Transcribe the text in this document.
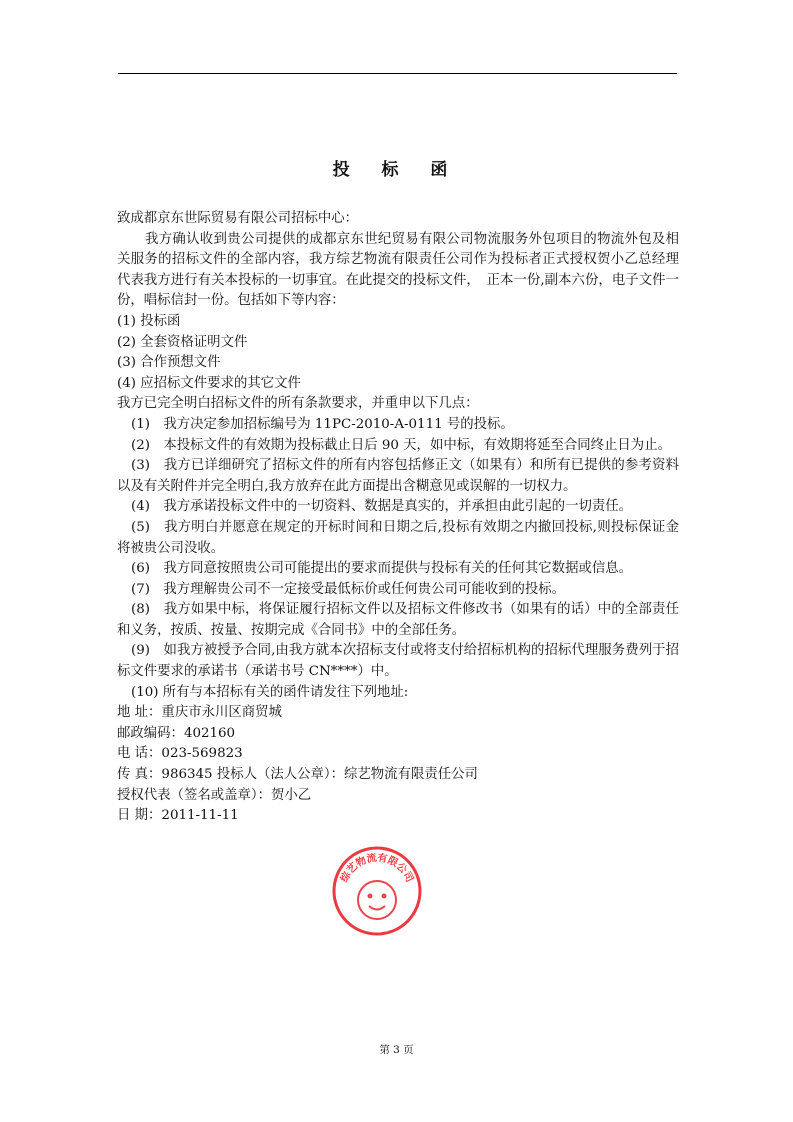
投 标 函

致成都京东世际贸易有限公司招标中心：

我方确认收到贵公司提供的成都京东世纪贸易有限公司物流服务外包项目的物流外包及相关服务的招标文件的全部内容，我方综艺物流有限责任公司作为投标者正式授权贺小乙总经理代表我方进行有关本投标的一切事宜。在此提交的投标文件，　正本一份,副本六份，电子文件一份，唱标信封一份。包括如下等内容：

(1) 投标函

(2) 全套资格证明文件

(3) 合作预想文件

(4) 应招标文件要求的其它文件

我方已完全明白招标文件的所有条款要求，并重申以下几点：

(1)　我方决定参加招标编号为 11PC-2010-A-0111 号的投标。

(2)　本投标文件的有效期为投标截止日后 90 天，如中标，有效期将延至合同终止日为止。

(3)　我方已详细研究了招标文件的所有内容包括修正文（如果有）和所有已提供的参考资料以及有关附件并完全明白,我方放弃在此方面提出含糊意见或误解的一切权力。

(4)　我方承诺投标文件中的一切资料、数据是真实的，并承担由此引起的一切责任。

(5)　我方明白并愿意在规定的开标时间和日期之后,投标有效期之内撤回投标,则投标保证金将被贵公司没收。

(6)　我方同意按照贵公司可能提出的要求而提供与投标有关的任何其它数据或信息。

(7)　我方理解贵公司不一定接受最低标价或任何贵公司可能收到的投标。

(8)　我方如果中标，将保证履行招标文件以及招标文件修改书（如果有的话）中的全部责任和义务，按质、按量、按期完成《合同书》中的全部任务。

(9)　如我方被授予合同,由我方就本次招标支付或将支付给招标机构的招标代理服务费列于招标文件要求的承诺书（承诺书号 CN****）中。

(10) 所有与本招标有关的函件请发往下列地址:

地 址：重庆市永川区商贸城

邮政编码：402160

电 话：023-569823

传 真：986345 投标人（法人公章）：综艺物流有限责任公司

授权代表（签名或盖章）：贺小乙

日 期：2011-11-11

综艺物流有限公司
第 3 页
